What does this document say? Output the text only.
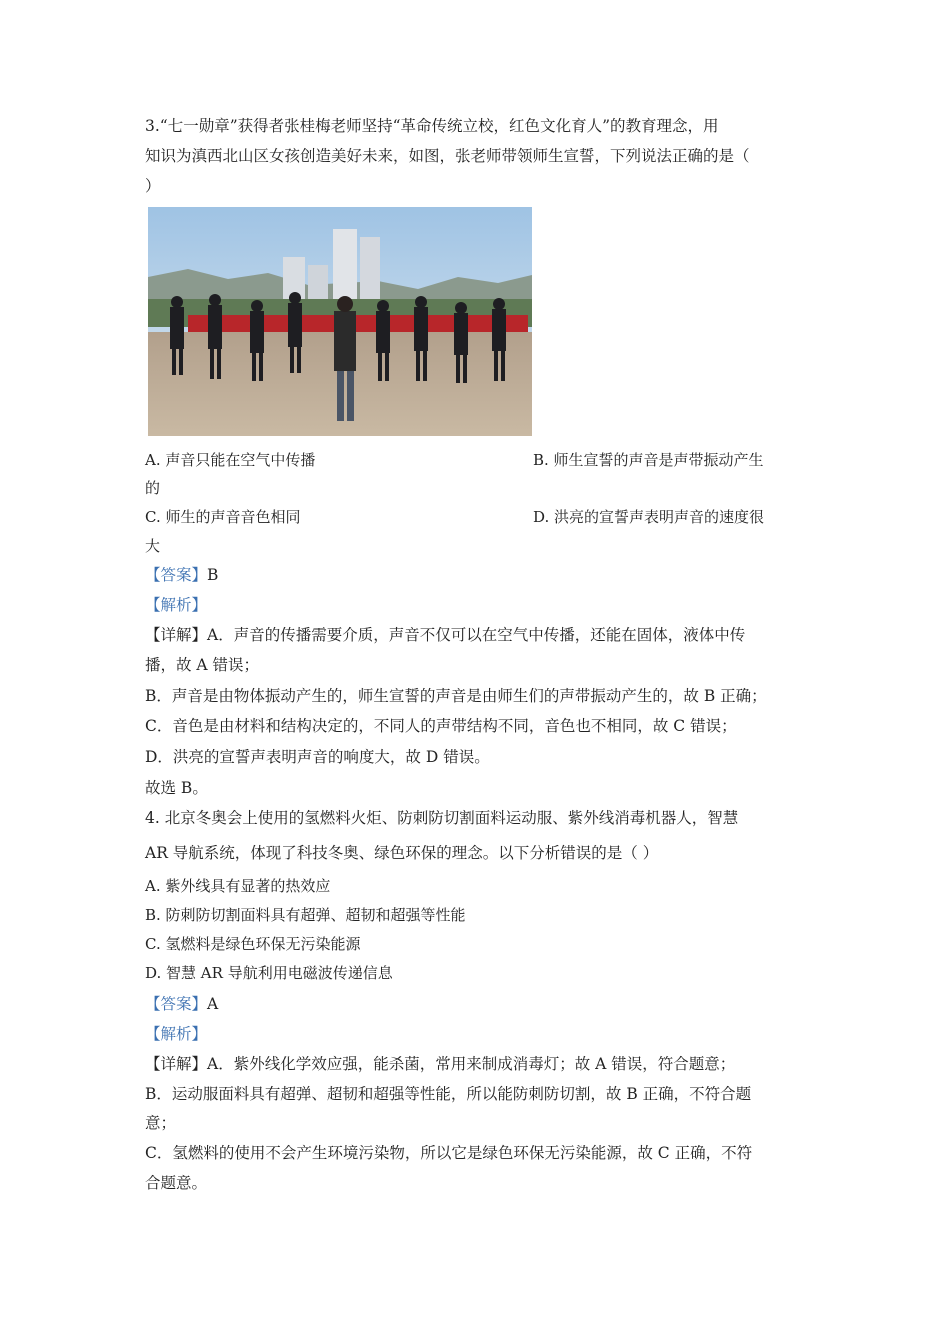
3.“七一勋章”获得者张桂梅老师坚持“革命传统立校，红色文化育人”的教育理念，用
知识为滇西北山区女孩创造美好未来，如图，张老师带领师生宣誓，下列说法正确的是（
）
A. 声音只能在空气中传播	B. 师生宣誓的声音是声带振动产生
的
C. 师生的声音音色相同	D. 洪亮的宣誓声表明声音的速度很
大
【答案】B
【解析】
【详解】A．声音的传播需要介质，声音不仅可以在空气中传播，还能在固体，液体中传
播，故 A 错误；
B．声音是由物体振动产生的，师生宣誓的声音是由师生们的声带振动产生的，故 B 正确；
C．音色是由材料和结构决定的，不同人的声带结构不同，音色也不相同，故 C 错误；
D．洪亮的宣誓声表明声音的响度大，故 D 错误。
故选 B。
4. 北京冬奥会上使用的氢燃料火炬、防刺防切割面料运动服、紫外线消毒机器人，智慧
AR 导航系统，体现了科技冬奥、绿色环保的理念。以下分析错误的是（ ）
A. 紫外线具有显著的热效应
B. 防刺防切割面料具有超弹、超韧和超强等性能
C. 氢燃料是绿色环保无污染能源
D. 智慧 AR 导航利用电磁波传递信息
【答案】A
【解析】
【详解】A．紫外线化学效应强，能杀菌，常用来制成消毒灯；故 A 错误，符合题意；
B．运动服面料具有超弹、超韧和超强等性能，所以能防刺防切割，故 B 正确，不符合题
意；
C．氢燃料的使用不会产生环境污染物，所以它是绿色环保无污染能源，故 C 正确，不符
合题意。
